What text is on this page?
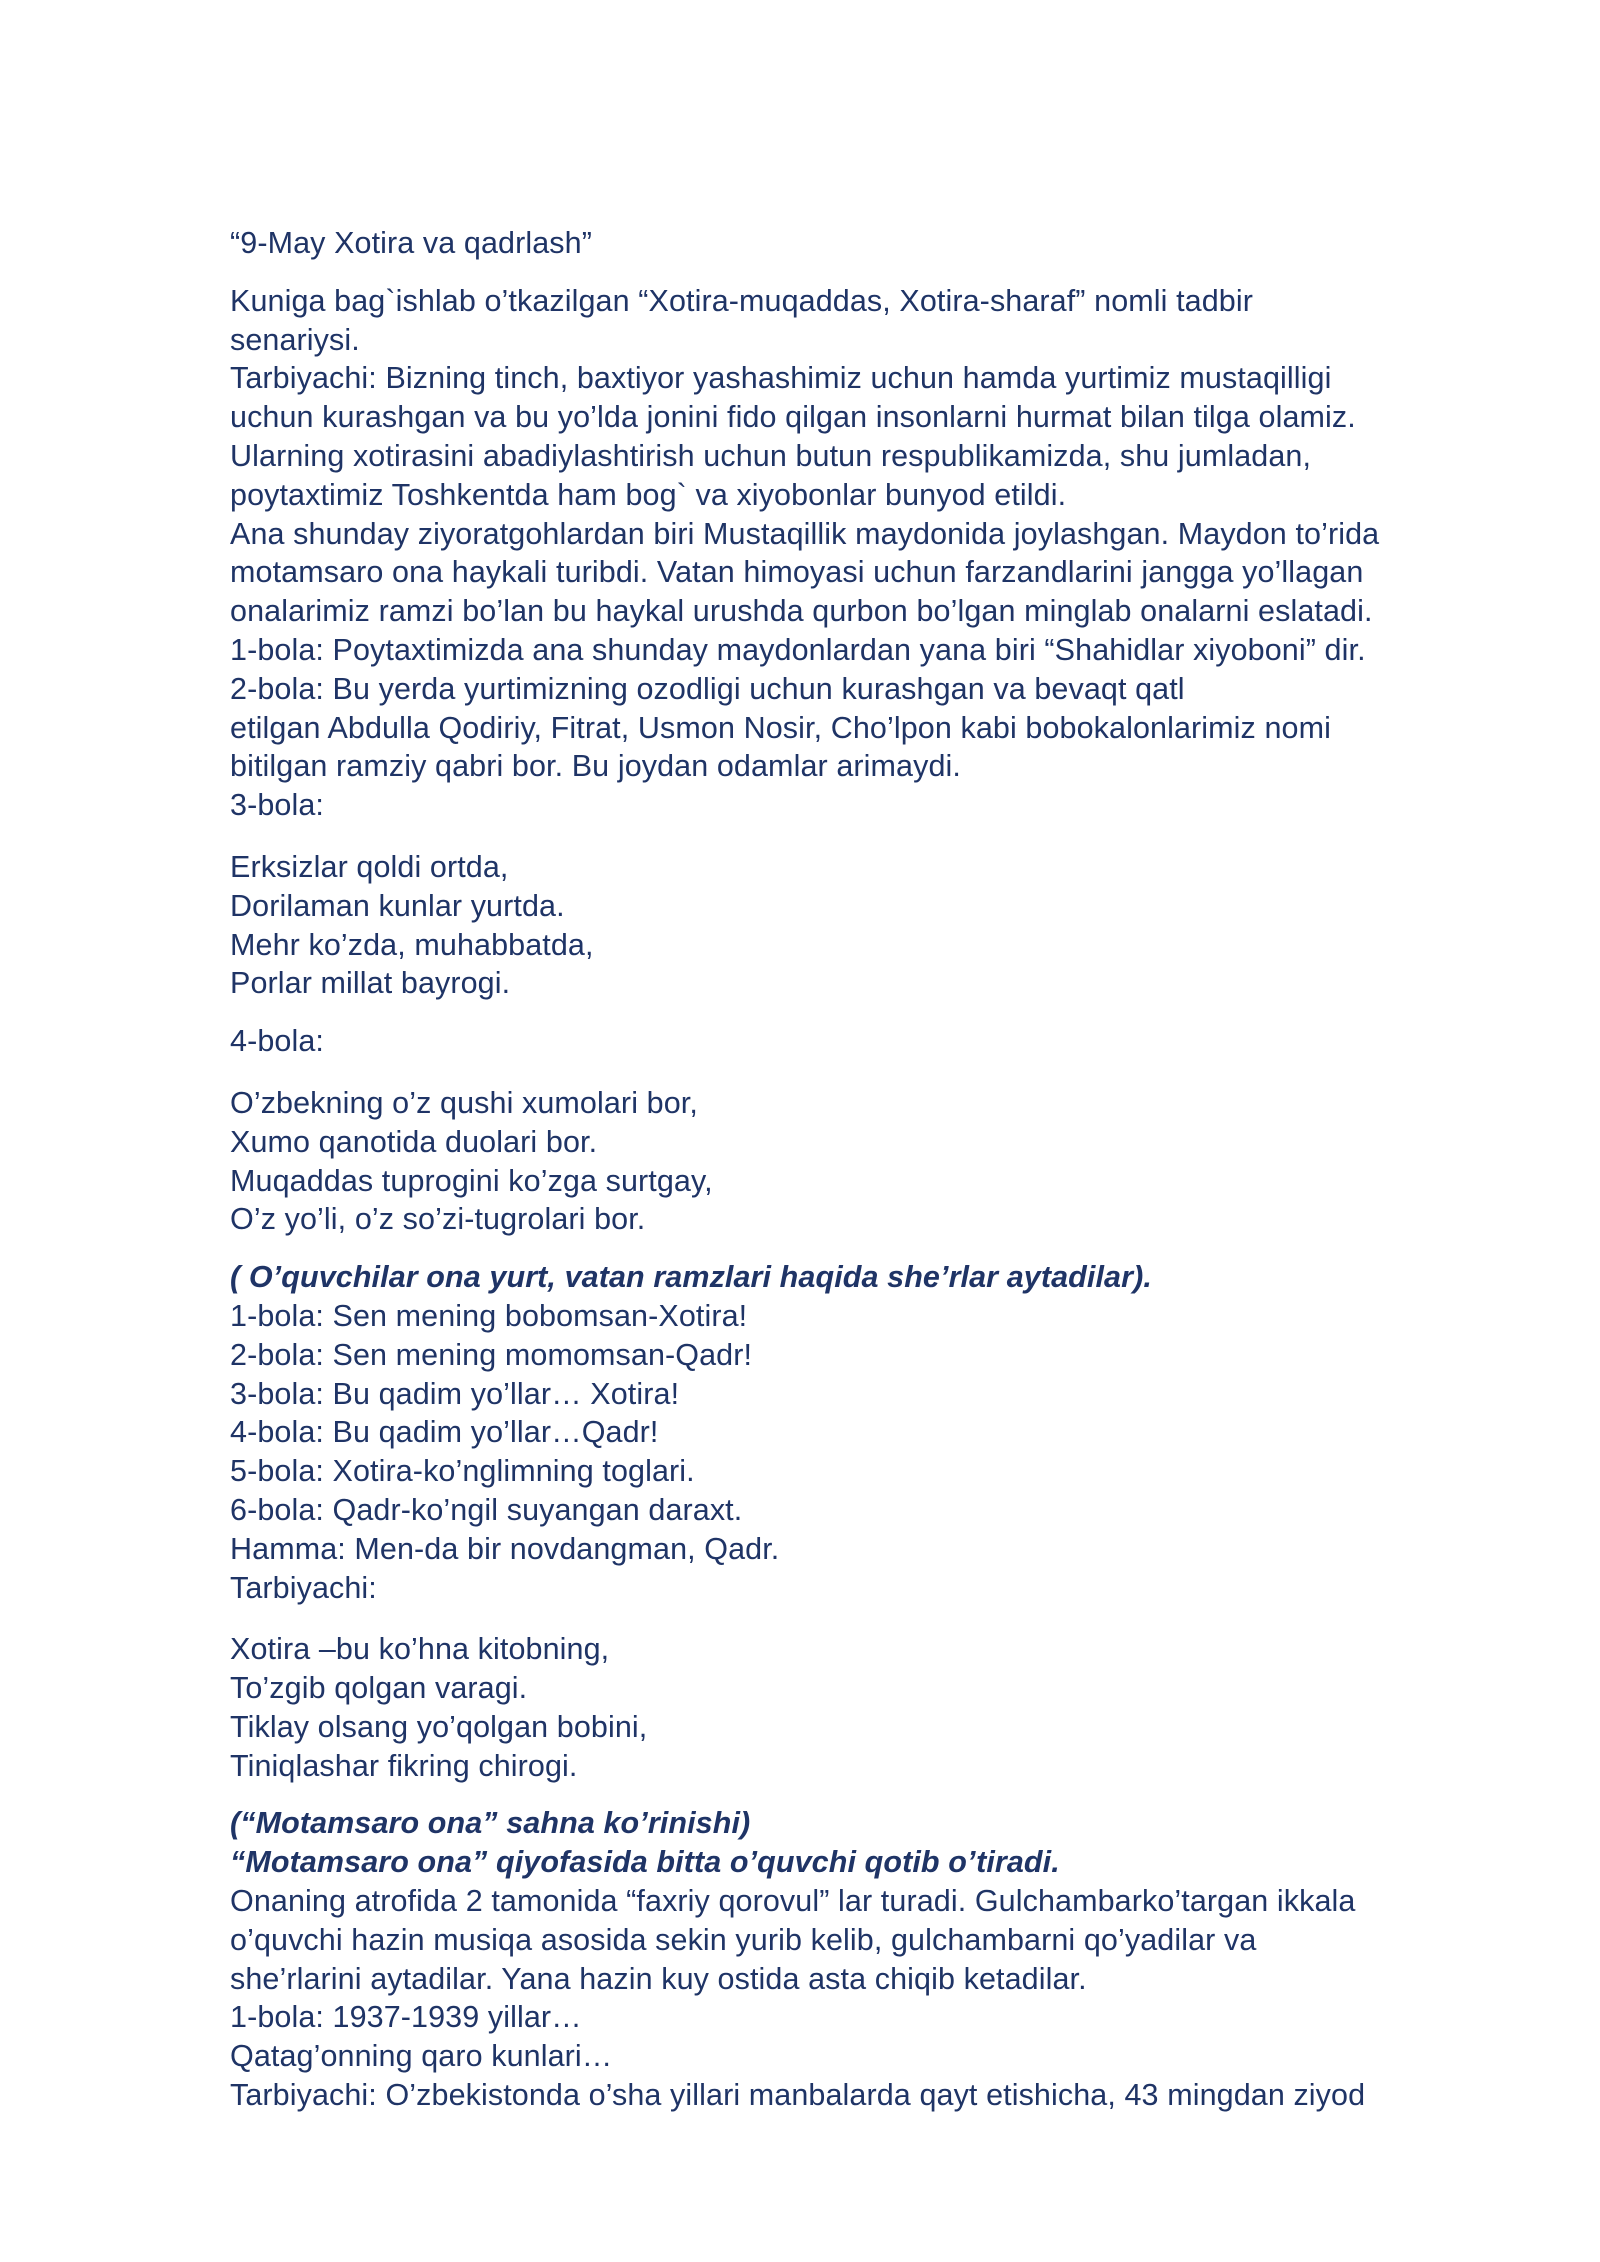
“9-May Xotira va qadrlash”
Kuniga bag`ishlab o’tkazilgan “Xotira-muqaddas, Xotira-sharaf” nomli tadbir
senariysi.
Tarbiyachi: Bizning tinch, baxtiyor yashashimiz uchun hamda yurtimiz mustaqilligi
uchun kurashgan va bu yo’lda jonini fido qilgan insonlarni hurmat bilan tilga olamiz.
Ularning xotirasini abadiylashtirish uchun butun respublikamizda, shu jumladan,
poytaxtimiz Toshkentda ham bog` va xiyobonlar bunyod etildi.
Ana shunday ziyoratgohlardan biri Mustaqillik maydonida joylashgan. Maydon to’rida
motamsaro ona haykali turibdi. Vatan himoyasi uchun farzandlarini jangga yo’llagan
onalarimiz ramzi bo’lan bu haykal urushda qurbon bo’lgan minglab onalarni eslatadi.
1-bola: Poytaxtimizda ana shunday maydonlardan yana biri “Shahidlar xiyoboni” dir.
2-bola: Bu yerda yurtimizning ozodligi uchun kurashgan va bevaqt qatl
etilgan Abdulla Qodiriy, Fitrat, Usmon Nosir, Cho’lpon kabi bobokalonlarimiz nomi
bitilgan ramziy qabri bor. Bu joydan odamlar arimaydi.
3-bola:
Erksizlar qoldi ortda,
Dorilaman kunlar yurtda.
Mehr ko’zda, muhabbatda,
Porlar millat bayrogi.
4-bola:
O’zbekning o’z qushi xumolari bor,
Xumo qanotida duolari bor.
Muqaddas tuprogini ko’zga surtgay,
O’z yo’li, o’z so’zi-tugrolari bor.
( O’quvchilar ona yurt, vatan ramzlari haqida she’rlar aytadilar).
1-bola: Sen mening bobomsan-Xotira!
2-bola: Sen mening momomsan-Qadr!
3-bola: Bu qadim yo’llar… Xotira!
4-bola: Bu qadim yo’llar…Qadr!
5-bola: Xotira-ko’nglimning toglari.
6-bola: Qadr-ko’ngil suyangan daraxt.
Hamma: Men-da bir novdangman, Qadr.
Tarbiyachi:
Xotira –bu ko’hna kitobning,
To’zgib qolgan varagi.
Tiklay olsang yo’qolgan bobini,
Tiniqlashar fikring chirogi.
(“Motamsaro ona” sahna ko’rinishi)
“Motamsaro ona” qiyofasida bitta o’quvchi qotib o’tiradi.
Onaning atrofida 2 tamonida “faxriy qorovul” lar turadi. Gulchambarko’targan ikkala
o’quvchi hazin musiqa asosida sekin yurib kelib, gulchambarni qo’yadilar va
she’rlarini aytadilar. Yana hazin kuy ostida asta chiqib ketadilar.
1-bola: 1937-1939 yillar…
Qatag’onning qaro kunlari…
Tarbiyachi: O’zbekistonda o’sha yillari manbalarda qayt etishicha, 43 mingdan ziyod
